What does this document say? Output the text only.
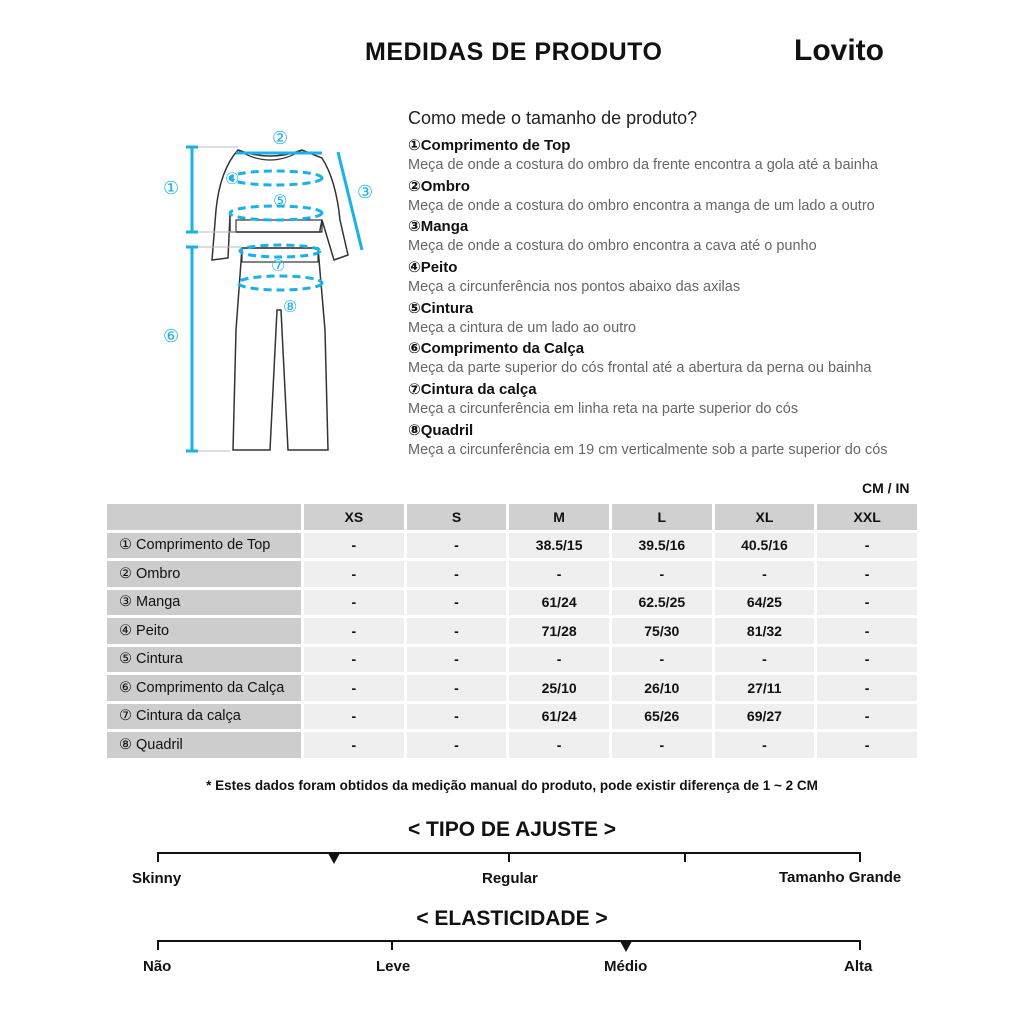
MEDIDAS DE PRODUTO	Lovito
①
②
③
④
⑤
⑥
⑦
⑧
Como mede o tamanho de produto?
①Comprimento de Top
Meça de onde a costura do ombro da frente encontra a gola até a bainha
②Ombro
Meça de onde a costura do ombro encontra a manga de um lado a outro
③Manga
Meça de onde a costura do ombro encontra a cava até o punho
④Peito
Meça a circunferência nos pontos abaixo das axilas
⑤Cintura
Meça a cintura de um lado ao outro
⑥Comprimento da Calça
Meça da parte superior do cós frontal até a abertura da perna ou bainha
⑦Cintura da calça
Meça a circunferência em linha reta na parte superior do cós
⑧Quadril
Meça a circunferência em 19 cm verticalmente sob a parte superior do cós
CM / IN
	XS	S	M	L	XL	XXL
① Comprimento de Top	-	-	38.5/15	39.5/16	40.5/16	-
② Ombro	-	-	-	-	-	-
③ Manga	-	-	61/24	62.5/25	64/25	-
④ Peito	-	-	71/28	75/30	81/32	-
⑤ Cintura	-	-	-	-	-	-
⑥ Comprimento da Calça	-	-	25/10	26/10	27/11	-
⑦ Cintura da calça	-	-	61/24	65/26	69/27	-
⑧ Quadril	-	-	-	-	-	-
* Estes dados foram obtidos da medição manual do produto, pode existir diferença de 1 ~ 2 CM
< TIPO DE AJUSTE >
Skinny	Regular	Tamanho Grande
< ELASTICIDADE >
Não	Leve	Médio	Alta
